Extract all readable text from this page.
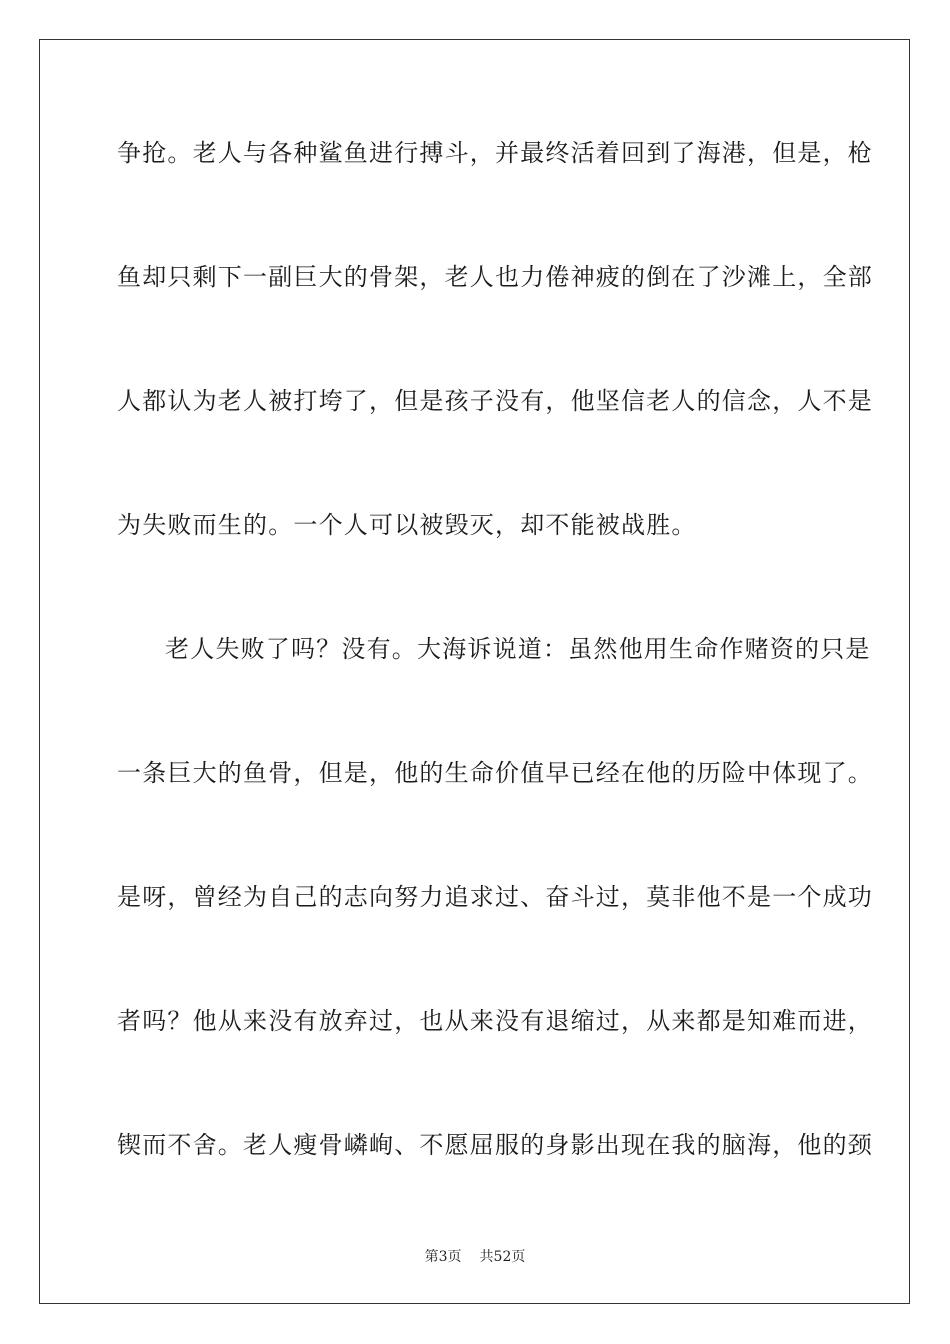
争抢。老人与各种鲨鱼进行搏斗，并最终活着回到了海港，但是，枪
鱼却只剩下一副巨大的骨架，老人也力倦神疲的倒在了沙滩上，全部
人都认为老人被打垮了，但是孩子没有，他坚信老人的信念，人不是
为失败而生的。一个人可以被毁灭，却不能被战胜。
老人失败了吗？没有。大海诉说道：虽然他用生命作赌资的只是
一条巨大的鱼骨，但是，他的生命价值早已经在他的历险中体现了。
是呀，曾经为自己的志向努力追求过、奋斗过，莫非他不是一个成功
者吗？他从来没有放弃过，也从来没有退缩过，从来都是知难而进，
锲而不舍。老人瘦骨嶙峋、不愿屈服的身影出现在我的脑海，他的颈
第3页 共52页
